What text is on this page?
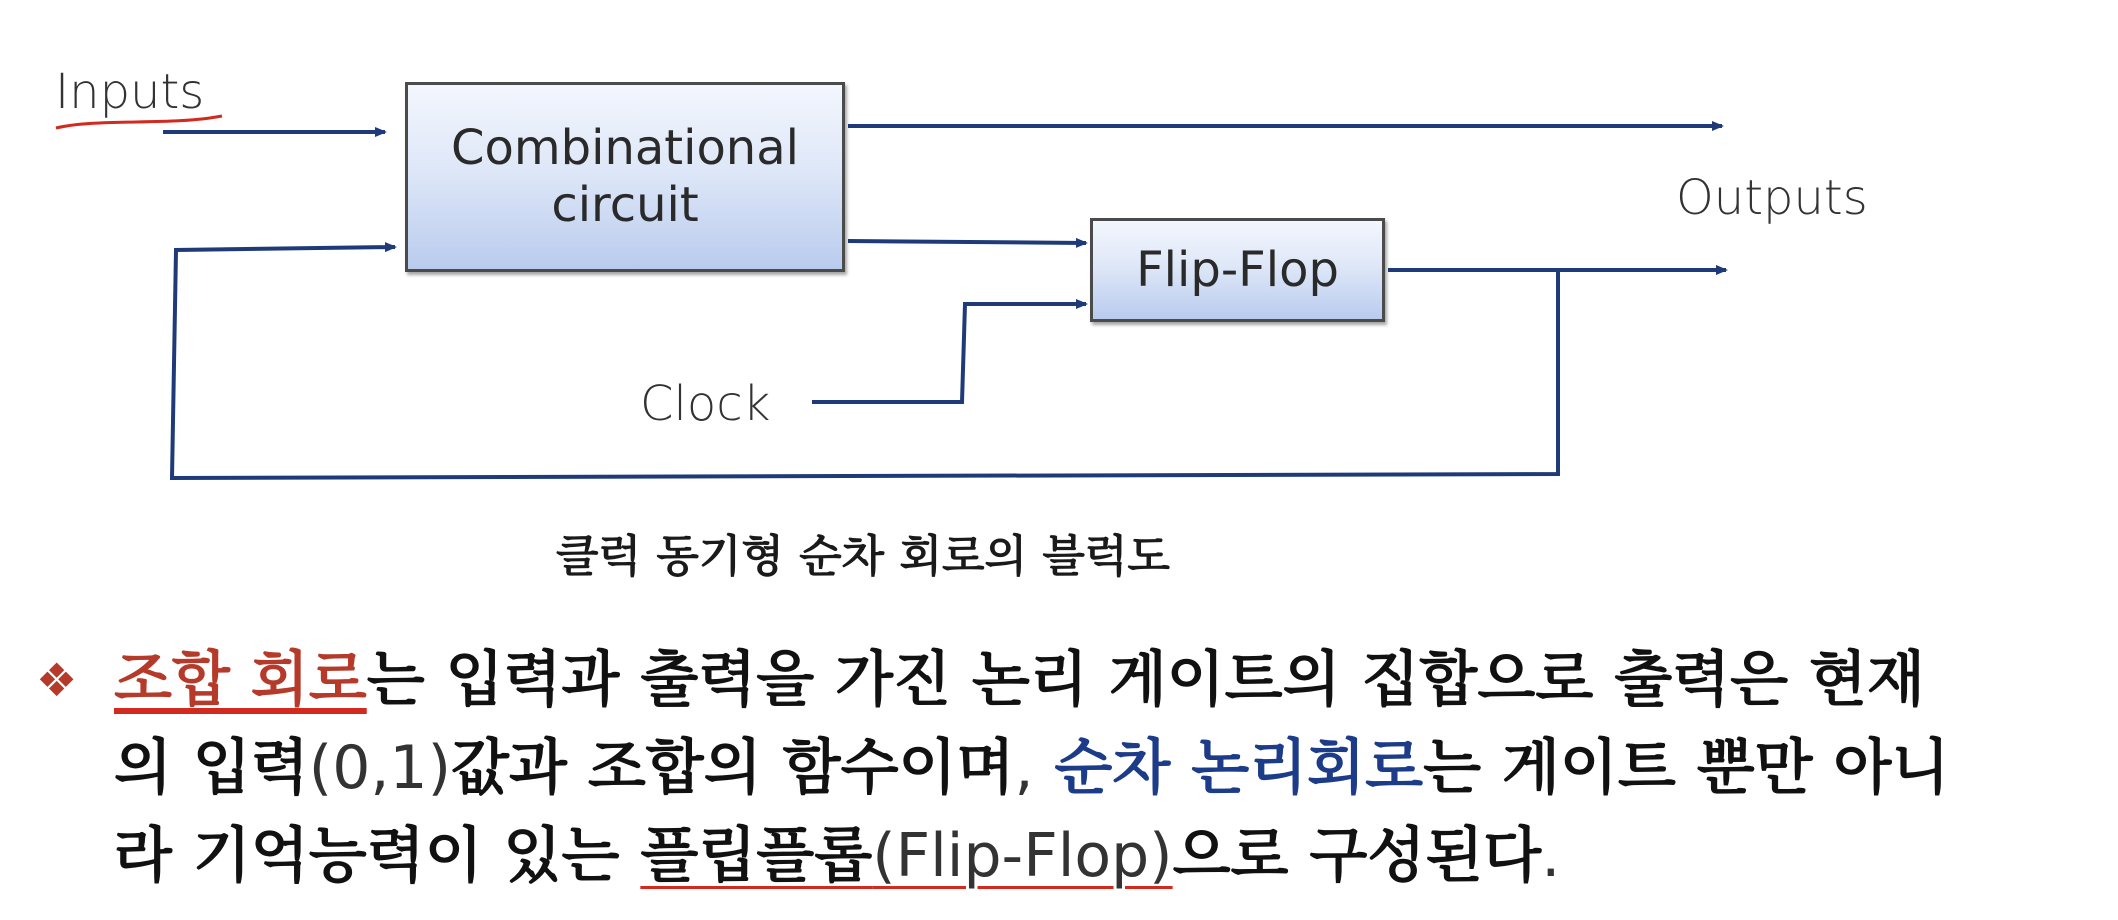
Inputs
Outputs
Clock
Combinational
circuit
Flip-Flop
클럭 동기형 순차 회로의 블럭도
❖ 조합 회로는 입력과 출력을 가진 논리 게이트의 집합으로 출력은 현재
의 입력(0,1)값과 조합의 함수이며, 순차 논리회로는 게이트 뿐만 아니
라 기억능력이 있는 플립플롭(Flip-Flop)으로 구성된다.
